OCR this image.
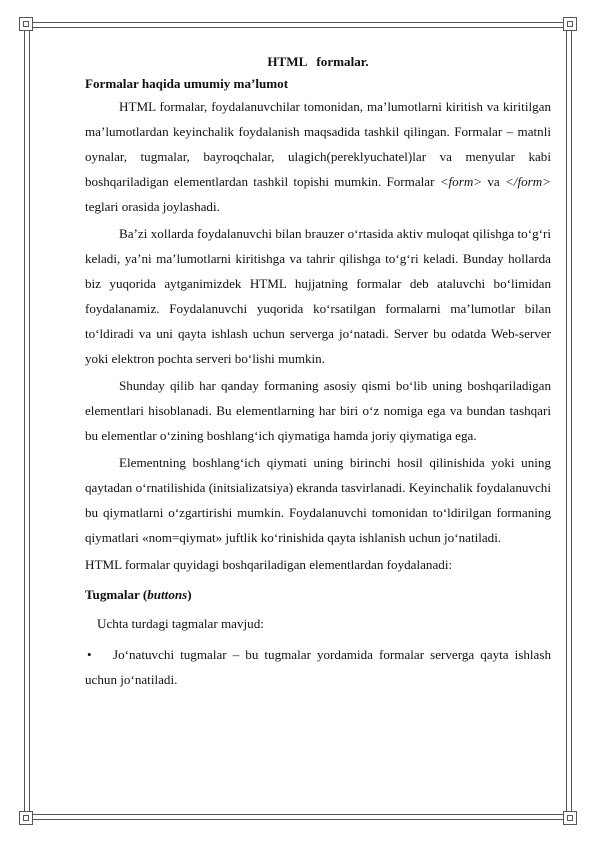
HTML   formalar.
Formalar haqida umumiy ma’lumot
HTML formalar, foydalanuvchilar tomonidan, ma’lumotlarni kiritish va kiritilgan ma’lumotlardan keyinchalik foydalanish maqsadida tashkil qilingan. Formalar – matnli oynalar, tugmalar, bayroqchalar, ulagich(pereklyuchatel)lar va menyular kabi boshqariladigan elementlardan tashkil topishi mumkin. Formalar <form> va </form> teglari orasida joylashadi.
Ba’zi xollarda foydalanuvchi bilan brauzer o‘rtasida aktiv muloqat qilishga to‘g‘ri keladi, ya’ni ma’lumotlarni kiritishga va tahrir qilishga to‘g‘ri keladi. Bunday hollarda biz yuqorida aytganimizdek HTML hujjatning formalar deb ataluvchi bo‘limidan foydalanamiz. Foydalanuvchi yuqorida ko‘rsatilgan formalarni ma’lumotlar bilan to‘ldiradi va uni qayta ishlash uchun serverga jo‘natadi. Server bu odatda Web-server yoki elektron pochta serveri bo‘lishi mumkin.
Shunday qilib har qanday formaning asosiy qismi bo‘lib uning boshqariladigan elementlari hisoblanadi. Bu elementlarning har biri o‘z nomiga ega va bundan tashqari bu elementlar o‘zining boshlang‘ich qiymatiga hamda joriy qiymatiga ega.
Elementning boshlang‘ich qiymati uning birinchi hosil qilinishida yoki uning qaytadan o‘rnatilishida (initsializatsiya) ekranda tasvirlanadi. Keyinchalik foydalanuvchi bu qiymatlarni o‘zgartirishi mumkin. Foydalanuvchi tomonidan to‘ldirilgan formaning qiymatlari «nom=qiymat» juftlik ko‘rinishida qayta ishlanish uchun jo‘natiladi.
HTML formalar quyidagi boshqariladigan elementlardan foydalanadi:
Tugmalar (buttons)
Uchta turdagi tagmalar mavjud:
• Jo‘natuvchi tugmalar – bu tugmalar yordamida formalar serverga qayta ishlash uchun jo‘natiladi.
